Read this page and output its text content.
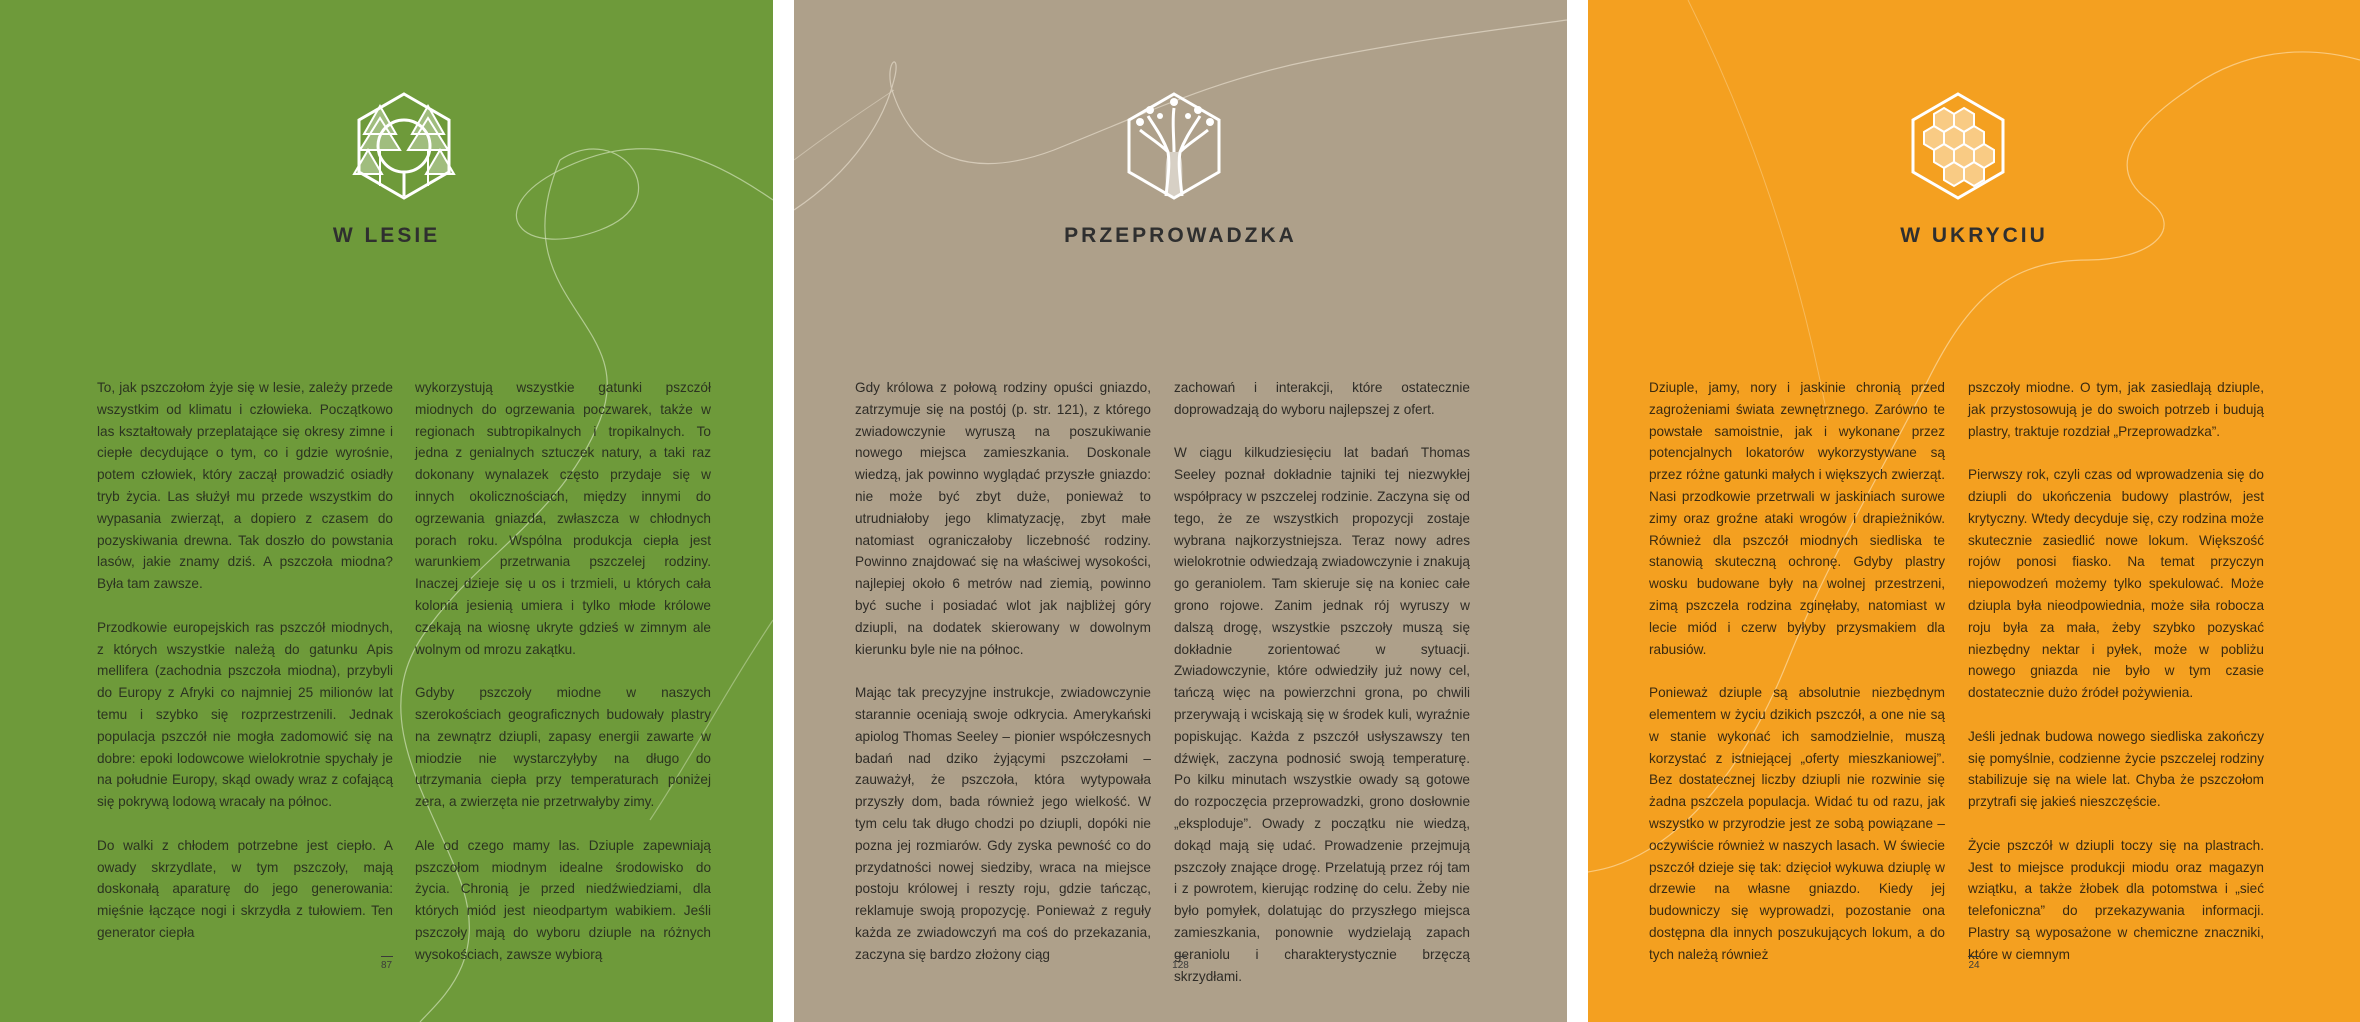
W LESIE

To, jak pszczołom żyje się w lesie, zależy przede wszystkim od klimatu i człowieka. Początkowo las kształtowały przeplatające się okresy zimne i ciepłe decydujące o tym, co i gdzie wyrośnie, potem człowiek, który zaczął prowadzić osiadły tryb życia. Las służył mu przede wszystkim do wypasania zwierząt, a dopiero z czasem do pozyskiwania drewna. Tak doszło do powstania lasów, jakie znamy dziś. A pszczoła miodna? Była tam zawsze.

Przodkowie europejskich ras pszczół miodnych, z których wszystkie należą do gatunku Apis mellifera (zachodnia pszczoła miodna), przybyli do Europy z Afryki co najmniej 25 milionów lat temu i szybko się rozprzestrzenili. Jednak populacja pszczół nie mogła zadomowić się na dobre: epoki lodowcowe wielokrotnie spychały je na południe Europy, skąd owady wraz z cofającą się pokrywą lodową wracały na północ.

Do walki z chłodem potrzebne jest ciepło. A owady skrzydlate, w tym pszczoły, mają doskonałą aparaturę do jego generowania: mięśnie łączące nogi i skrzydła z tułowiem. Ten generator ciepła

wykorzystują wszystkie gatunki pszczół miodnych do ogrzewania poczwarek, także w regionach subtropikalnych i tropikalnych. To jedna z genialnych sztuczek natury, a taki raz dokonany wynalazek często przydaje się w innych okolicznościach, między innymi do ogrzewania gniazda, zwłaszcza w chłodnych porach roku. Wspólna produkcja ciepła jest warunkiem przetrwania pszczelej rodziny. Inaczej dzieje się u os i trzmieli, u których cała kolonia jesienią umiera i tylko młode królowe czekają na wiosnę ukryte gdzieś w zimnym ale wolnym od mrozu zakątku.

Gdyby pszczoły miodne w naszych szerokościach geograficznych budowały plastry na zewnątrz dziupli, zapasy energii zawarte w miodzie nie wystarczyłyby na długo do utrzymania ciepła przy temperaturach poniżej zera, a zwierzęta nie przetrwałyby zimy.

Ale od czego mamy las. Dziuple zapewniają pszczołom miodnym idealne środowisko do życia. Chronią je przed niedźwiedziami, dla których miód jest nieodpartym wabikiem. Jeśli pszczoły mają do wyboru dziuple na różnych wysokościach, zawsze wybiorą

87
PRZEPROWADZKA

Gdy królowa z połową rodziny opuści gniazdo, zatrzymuje się na postój (p. str. 121), z którego zwiadowczynie wyruszą na poszukiwanie nowego miejsca zamieszkania. Doskonale wiedzą, jak powinno wyglądać przyszłe gniazdo: nie może być zbyt duże, ponieważ to utrudniałoby jego klimatyzację, zbyt małe natomiast ograniczałoby liczebność rodziny. Powinno znajdować się na właściwej wysokości, najlepiej około 6 metrów nad ziemią, powinno być suche i posiadać wlot jak najbliżej góry dziupli, na dodatek skierowany w dowolnym kierunku byle nie na północ.

Mając tak precyzyjne instrukcje, zwiadowczynie starannie oceniają swoje odkrycia. Amerykański apiolog Thomas Seeley – pionier współczesnych badań nad dziko żyjącymi pszczołami – zauważył, że pszczoła, która wytypowała przyszły dom, bada również jego wielkość. W tym celu tak długo chodzi po dziupli, dopóki nie pozna jej rozmiarów. Gdy zyska pewność co do przydatności nowej siedziby, wraca na miejsce postoju królowej i reszty roju, gdzie tańcząc, reklamuje swoją propozycję. Ponieważ z reguły każda ze zwiadowczyń ma coś do przekazania, zaczyna się bardzo złożony ciąg

zachowań i interakcji, które ostatecznie doprowadzają do wyboru najlepszej z ofert.

W ciągu kilkudziesięciu lat badań Thomas Seeley poznał dokładnie tajniki tej niezwykłej współpracy w pszczelej rodzinie. Zaczyna się od tego, że ze wszystkich propozycji zostaje wybrana najkorzystniejsza. Teraz nowy adres wielokrotnie odwiedzają zwiadowczynie i znakują go geraniolem. Tam skieruje się na koniec całe grono rojowe. Zanim jednak rój wyruszy w dalszą drogę, wszystkie pszczoły muszą się dokładnie zorientować w sytuacji. Zwiadowczynie, które odwiedziły już nowy cel, tańczą więc na powierzchni grona, po chwili przerywają i wciskają się w środek kuli, wyraźnie popiskując. Każda z pszczół usłyszawszy ten dźwięk, zaczyna podnosić swoją temperaturę. Po kilku minutach wszystkie owady są gotowe do rozpoczęcia przeprowadzki, grono dosłownie „eksploduje”. Owady z początku nie wiedzą, dokąd mają się udać. Prowadzenie przejmują pszczoły znające drogę. Przelatują przez rój tam i z powrotem, kierując rodzinę do celu. Żeby nie było pomyłek, dolatując do przyszłego miejsca zamieszkania, ponownie wydzielają zapach geraniolu i charakterystycznie brzęczą skrzydłami.

128
W UKRYCIU

Dziuple, jamy, nory i jaskinie chronią przed zagrożeniami świata zewnętrznego. Zarówno te powstałe samoistnie, jak i wykonane przez potencjalnych lokatorów wykorzystywane są przez różne gatunki małych i większych zwierząt. Nasi przodkowie przetrwali w jaskiniach surowe zimy oraz groźne ataki wrogów i drapieżników. Również dla pszczół miodnych siedliska te stanowią skuteczną ochronę. Gdyby plastry wosku budowane były na wolnej przestrzeni, zimą pszczela rodzina zginęłaby, natomiast w lecie miód i czerw byłyby przysmakiem dla rabusiów.

Ponieważ dziuple są absolutnie niezbędnym elementem w życiu dzikich pszczół, a one nie są w stanie wykonać ich samodzielnie, muszą korzystać z istniejącej „oferty mieszkaniowej”. Bez dostatecznej liczby dziupli nie rozwinie się żadna pszczela populacja. Widać tu od razu, jak wszystko w przyrodzie jest ze sobą powiązane – oczywiście również w naszych lasach. W świecie pszczół dzieje się tak: dzięcioł wykuwa dziuplę w drzewie na własne gniazdo. Kiedy jej budowniczy się wyprowadzi, pozostanie ona dostępna dla innych poszukujących lokum, a do tych należą również

pszczoły miodne. O tym, jak zasiedlają dziuple, jak przystosowują je do swoich potrzeb i budują plastry, traktuje rozdział „Przeprowadzka”.

Pierwszy rok, czyli czas od wprowadzenia się do dziupli do ukończenia budowy plastrów, jest krytyczny. Wtedy decyduje się, czy rodzina może skutecznie zasiedlić nowe lokum. Większość rojów ponosi fiasko. Na temat przyczyn niepowodzeń możemy tylko spekulować. Może dziupla była nieodpowiednia, może siła robocza roju była za mała, żeby szybko pozyskać niezbędny nektar i pyłek, może w pobliżu nowego gniazda nie było w tym czasie dostatecznie dużo źródeł pożywienia.

Jeśli jednak budowa nowego siedliska zakończy się pomyślnie, codzienne życie pszczelej rodziny stabilizuje się na wiele lat. Chyba że pszczołom przytrafi się jakieś nieszczęście.

Życie pszczół w dziupli toczy się na plastrach. Jest to miejsce produkcji miodu oraz magazyn wziątku, a także żłobek dla potomstwa i „sieć telefoniczna” do przekazywania informacji. Plastry są wyposażone w chemiczne znaczniki, które w ciemnym

24
